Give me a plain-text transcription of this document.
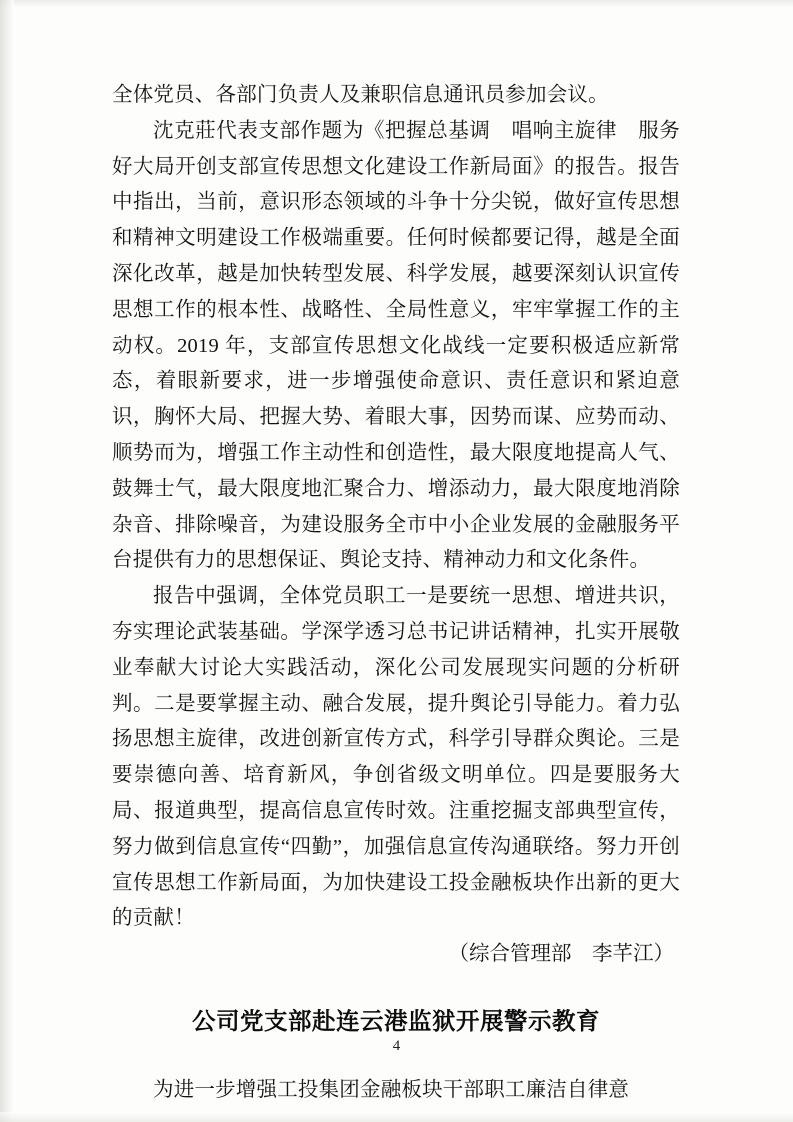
全体党员、各部门负责人及兼职信息通讯员参加会议。

沈克莊代表支部作题为《把握总基调　唱响主旋律　服务好大局开创支部宣传思想文化建设工作新局面》的报告。报告中指出，当前，意识形态领域的斗争十分尖锐，做好宣传思想和精神文明建设工作极端重要。任何时候都要记得，越是全面深化改革，越是加快转型发展、科学发展，越要深刻认识宣传思想工作的根本性、战略性、全局性意义，牢牢掌握工作的主动权。2019 年，支部宣传思想文化战线一定要积极适应新常态，着眼新要求，进一步增强使命意识、责任意识和紧迫意识，胸怀大局、把握大势、着眼大事，因势而谋、应势而动、顺势而为，增强工作主动性和创造性，最大限度地提高人气、鼓舞士气，最大限度地汇聚合力、增添动力，最大限度地消除杂音、排除噪音，为建设服务全市中小企业发展的金融服务平台提供有力的思想保证、舆论支持、精神动力和文化条件。

报告中强调，全体党员职工一是要统一思想、增进共识，夯实理论武装基础。学深学透习总书记讲话精神，扎实开展敬业奉献大讨论大实践活动，深化公司发展现实问题的分析研判。二是要掌握主动、融合发展，提升舆论引导能力。着力弘扬思想主旋律，改进创新宣传方式，科学引导群众舆论。三是要崇德向善、培育新风，争创省级文明单位。四是要服务大局、报道典型，提高信息宣传时效。注重挖掘支部典型宣传，努力做到信息宣传“四勤”，加强信息宣传沟通联络。努力开创宣传思想工作新局面，为加快建设工投金融板块作出新的更大的贡献！

（综合管理部　李芊江）

公司党支部赴连云港监狱开展警示教育

为进一步增强工投集团金融板块干部职工廉洁自律意

4
